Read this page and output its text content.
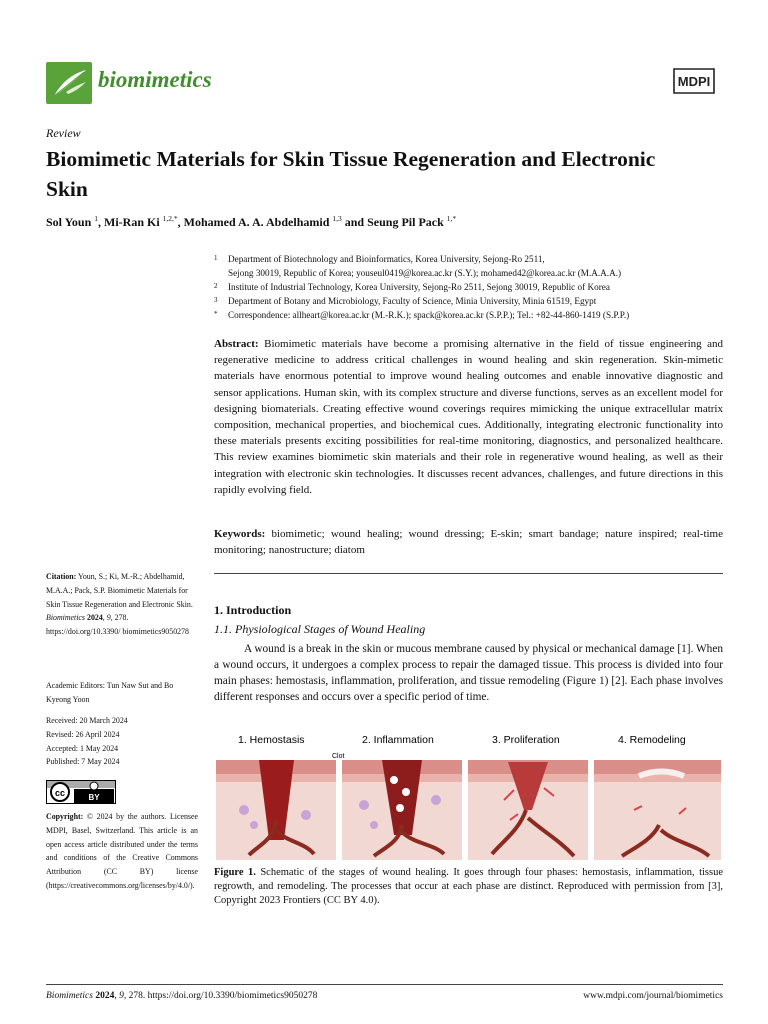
biomimetics	MDPI
Review
Biomimetic Materials for Skin Tissue Regeneration and Electronic Skin
Sol Youn $^1$, Mi-Ran Ki $^{1,2,*}$, Mohamed A. A. Abdelhamid $^{1,3}$ and Seung Pil Pack $^{1,*}$
1 Department of Biotechnology and Bioinformatics, Korea University, Sejong-Ro 2511,
Sejong 30019, Republic of Korea; youseul0419@korea.ac.kr (S.Y.); mohamed42@korea.ac.kr (M.A.A.A.)
2 Institute of Industrial Technology, Korea University, Sejong-Ro 2511, Sejong 30019, Republic of Korea
3 Department of Botany and Microbiology, Faculty of Science, Minia University, Minia 61519, Egypt
* Correspondence: allheart@korea.ac.kr (M.-R.K.); spack@korea.ac.kr (S.P.P.); Tel.: +82-44-860-1419 (S.P.P.)
Abstract: Biomimetic materials have become a promising alternative in the field of tissue engineering and regenerative medicine to address critical challenges in wound healing and skin regeneration. Skin-mimetic materials have enormous potential to improve wound healing outcomes and enable innovative diagnostic and sensor applications. Human skin, with its complex structure and diverse functions, serves as an excellent model for designing biomaterials. Creating effective wound coverings requires mimicking the unique extracellular matrix composition, mechanical properties, and biochemical cues. Additionally, integrating electronic functionality into these materials presents exciting possibilities for real-time monitoring, diagnostics, and personalized healthcare. This review examines biomimetic skin materials and their role in regenerative wound healing, as well as their integration with electronic skin technologies. It discusses recent advances, challenges, and future directions in this rapidly evolving field.
Keywords: biomimetic; wound healing; wound dressing; E-skin; smart bandage; nature inspired; real-time monitoring; nanostructure; diatom
Citation: Youn, S.; Ki, M.-R.; Abdelhamid, M.A.A.; Pack, S.P. Biomimetic Materials for Skin Tissue Regeneration and Electronic Skin. Biomimetics 2024, 9, 278. https://doi.org/10.3390/ biomimetics9050278
Academic Editors: Tun Naw Sut and Bo Kyeong Yoon
Received: 20 March 2024
Revised: 26 April 2024
Accepted: 1 May 2024
Published: 7 May 2024
cc	BY
Copyright: © 2024 by the authors. Licensee MDPI, Basel, Switzerland. This article is an open access article distributed under the terms and conditions of the Creative Commons Attribution (CC BY) license (https://creativecommons.org/licenses/by/4.0/).
1. Introduction
1.1. Physiological Stages of Wound Healing
A wound is a break in the skin or mucous membrane caused by physical or mechanical damage [1]. When a wound occurs, it undergoes a complex process to repair the damaged tissue. This process is divided into four main phases: hemostasis, inflammation, proliferation, and tissue remodeling (Figure 1) [2]. Each phase involves different responses and occurs over a specific period of time.
1. Hemostasis	2. Inflammation	3. Proliferation	4. Remodeling
Clot
Figure 1. Schematic of the stages of wound healing. It goes through four phases: hemostasis, inflammation, tissue regrowth, and remodeling. The processes that occur at each phase are distinct. Reproduced with permission from [3], Copyright 2023 Frontiers (CC BY 4.0).
Biomimetics 2024, 9, 278. https://doi.org/10.3390/biomimetics9050278	www.mdpi.com/journal/biomimetics
